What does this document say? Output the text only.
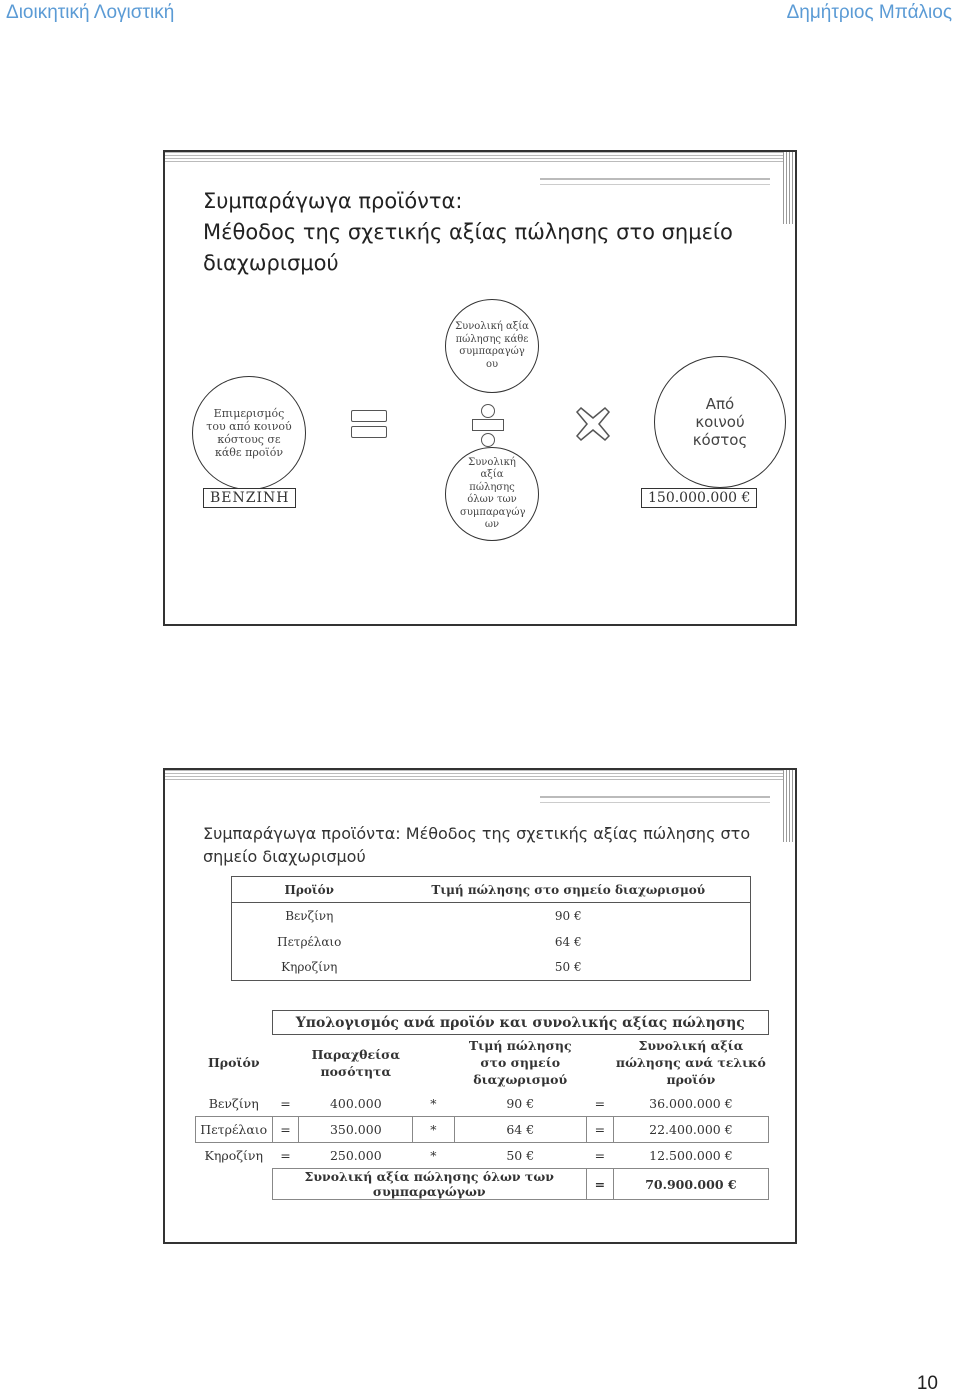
Διοικητική Λογιστική	Δημήτριος Μπάλιος
Συμπαράγωγα προϊόντα:
Μέθοδος της σχετικής αξίας πώλησης στο σημείο
διαχωρισμού
Συνολική αξία πώλησης κάθε συμπαραγώγ ου
Συνολική αξία πώλησης όλων των συμπαραγώγ ων
Επιμερισμός του από κοινού κόστους σε κάθε προϊόν
Από κοινού κόστος
ΒΕΝΖΙΝΗ	150.000.000 €
Συμπαράγωγα προϊόντα: Μέθοδος της σχετικής αξίας πώλησης στο σημείο διαχωρισμού
Προϊόν	Τιμή πώλησης στο σημείο διαχωρισμού
Βενζίνη	90 €
Πετρέλαιο	64 €
Κηροζίνη	50 €
	Υπολογισμός ανά προϊόν και συνολικής αξίας πώλησης					
Προϊόν		Παραχθείσα ποσότητα		Τιμή πώλησης στο σημείο διαχωρισμού		Συνολική αξία πώλησης ανά τελικό προϊόν
Βενζίνη	=	400.000	*	90 €	=	36.000.000 €
Πετρέλαιο	=	350.000	*	64 €	=	22.400.000 €
Κηροζίνη	=	250.000	*	50 €	=	12.500.000 €
	Συνολική αξία πώλησης όλων των συμπαραγώγων				=	70.900.000 €
10
